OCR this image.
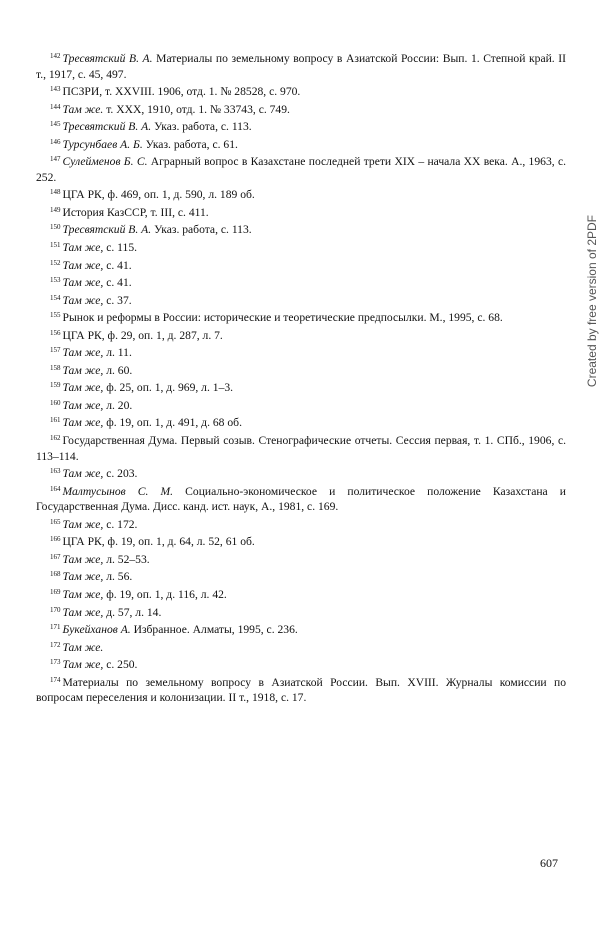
$^{142}$ Тресвятский В. А. Материалы по земельному вопросу в Азиатской России: Вып. 1. Степной край. II т., 1917, с. 45, 497.
$^{143}$ ПСЗРИ, т. XXVIII. 1906, отд. 1. № 28528, с. 970.
$^{144}$ Там же. т. XXX, 1910, отд. 1. № 33743, с. 749.
$^{145}$ Тресвятский В. А. Указ. работа, с. 113.
$^{146}$ Турсунбаев А. Б. Указ. работа, с. 61.
$^{147}$ Сулейменов Б. С. Аграрный вопрос в Казахстане последней трети XIX – начала XX века. А., 1963, с. 252.
$^{148}$ ЦГА РК, ф. 469, оп. 1, д. 590, л. 189 об.
$^{149}$ История КазССР, т. III, с. 411.
$^{150}$ Тресвятский В. А. Указ. работа, с. 113.
$^{151}$ Там же, с. 115.
$^{152}$ Там же, с. 41.
$^{153}$ Там же, с. 41.
$^{154}$ Там же, с. 37.
$^{155}$ Рынок и реформы в России: исторические и теоретические предпосылки. М., 1995, с. 68.
$^{156}$ ЦГА РК, ф. 29, оп. 1, д. 287, л. 7.
$^{157}$ Там же, л. 11.
$^{158}$ Там же, л. 60.
$^{159}$ Там же, ф. 25, оп. 1, д. 969, л. 1–3.
$^{160}$ Там же, л. 20.
$^{161}$ Там же, ф. 19, оп. 1, д. 491, д. 68 об.
$^{162}$ Государственная Дума. Первый созыв. Стенографические отчеты. Сессия первая, т. 1. СПб., 1906, с. 113–114.
$^{163}$ Там же, с. 203.
$^{164}$ Малтусынов С. М. Социально-экономическое и политическое положение Казахстана и Государственная Дума. Дисс. канд. ист. наук, А., 1981, с. 169.
$^{165}$ Там же, с. 172.
$^{166}$ ЦГА РК, ф. 19, оп. 1, д. 64, л. 52, 61 об.
$^{167}$ Там же, л. 52–53.
$^{168}$ Там же, л. 56.
$^{169}$ Там же, ф. 19, оп. 1, д. 116, л. 42.
$^{170}$ Там же, д. 57, л. 14.
$^{171}$ Букейханов А. Избранное. Алматы, 1995, с. 236.
$^{172}$ Там же.
$^{173}$ Там же, с. 250.
$^{174}$ Материалы по земельному вопросу в Азиатской России. Вып. XVIII. Журналы комиссии по вопросам переселения и колонизации. II т., 1918, с. 17.
607
Created by free version of 2PDF
